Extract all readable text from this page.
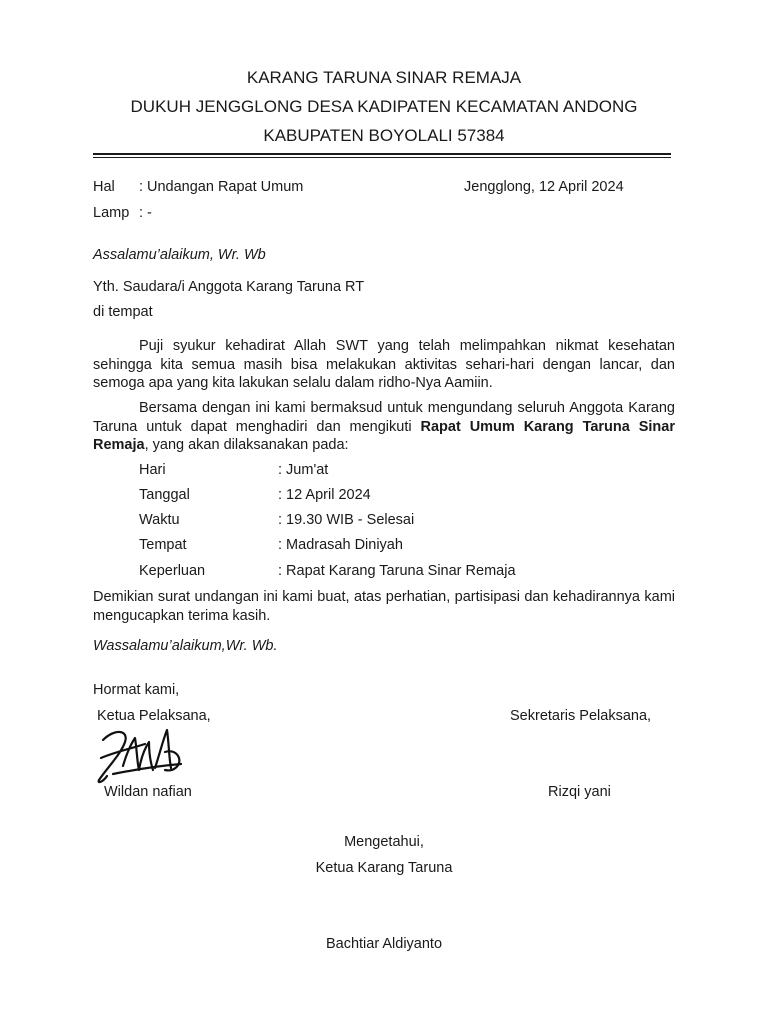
KARANG TARUNA SINAR REMAJA
DUKUH JENGGLONG DESA KADIPATEN KECAMATAN ANDONG
KABUPATEN BOYOLALI 57384
Hal : Undangan Rapat Umum	Jengglong, 12 April 2024
Lamp : -
Assalamu’alaikum, Wr. Wb
Yth. Saudara/i Anggota Karang Taruna RT
di tempat
Puji syukur kehadirat Allah SWT yang telah melimpahkan nikmat kesehatan sehingga kita semua masih bisa melakukan aktivitas sehari-hari dengan lancar, dan semoga apa yang kita lakukan selalu dalam ridho-Nya Aamiin.
Bersama dengan ini kami bermaksud untuk mengundang seluruh Anggota Karang Taruna untuk dapat menghadiri dan mengikuti Rapat Umum Karang Taruna Sinar Remaja, yang akan dilaksanakan pada:
Hari	: Jum'at
Tanggal	: 12 April 2024
Waktu	: 19.30 WIB - Selesai
Tempat	: Madrasah Diniyah
Keperluan	: Rapat Karang Taruna Sinar Remaja
Demikian surat undangan ini kami buat, atas perhatian, partisipasi dan kehadirannya kami mengucapkan terima kasih.
Wassalamu’alaikum,Wr. Wb.
Hormat kami,
Ketua Pelaksana,	Sekretaris Pelaksana,
Wildan nafian	Rizqi yani
Mengetahui,
Ketua Karang Taruna
Bachtiar Aldiyanto
